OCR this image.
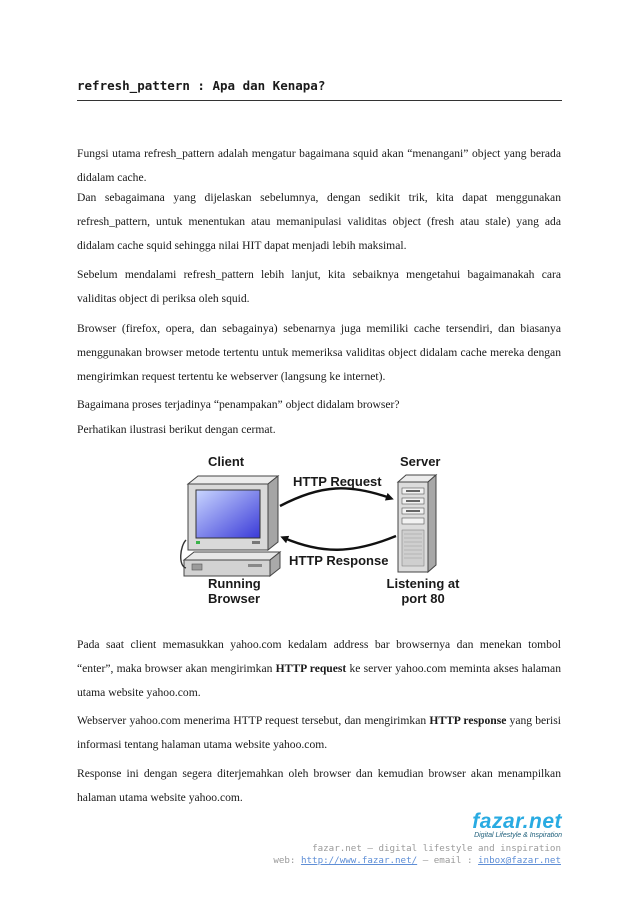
refresh_pattern : Apa dan Kenapa?

Fungsi utama refresh_pattern adalah mengatur bagaimana squid akan “menangani” object yang berada didalam cache.

Dan sebagaimana yang dijelaskan sebelumnya, dengan sedikit trik, kita dapat menggunakan refresh_pattern, untuk menentukan atau memanipulasi validitas object (fresh atau stale) yang ada didalam cache squid sehingga nilai HIT dapat menjadi lebih maksimal.

Sebelum mendalami refresh_pattern lebih lanjut, kita sebaiknya mengetahui bagaimanakah cara validitas object di periksa oleh squid.

Browser (firefox, opera, dan sebagainya) sebenarnya juga memiliki cache tersendiri, dan biasanya menggunakan browser metode tertentu untuk memeriksa validitas object didalam cache mereka dengan mengirimkan request tertentu ke webserver (langsung ke internet).

Bagaimana proses terjadinya “penampakan” object didalam browser?

Perhatikan ilustrasi berikut dengan cermat.

Client	Server
HTTP Request
HTTP Response
Running
Browser
Listening at
port 80

Pada saat client memasukkan yahoo.com kedalam address bar browsernya dan menekan tombol “enter”, maka browser akan mengirimkan HTTP request ke server yahoo.com meminta akses halaman utama website yahoo.com.

Webserver yahoo.com menerima HTTP request tersebut, dan mengirimkan HTTP response yang berisi informasi tentang halaman utama website yahoo.com.

Response ini dengan segera diterjemahkan oleh browser dan kemudian browser akan menampilkan halaman utama website yahoo.com.

fazar.net
Digital Lifestyle & Inspiration
fazar.net – digital lifestyle and inspiration
web: http://www.fazar.net/ – email : inbox@fazar.net
